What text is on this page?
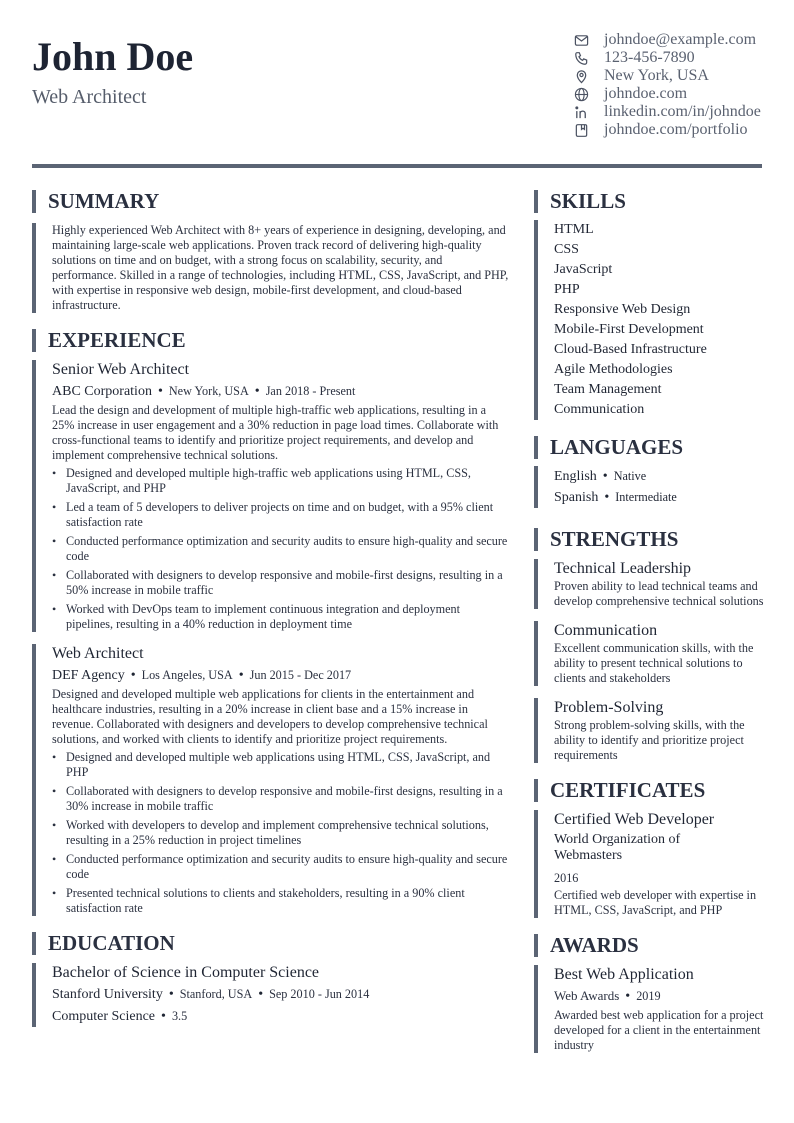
John Doe
Web Architect
johndoe@example.com
123-456-7890
New York, USA
johndoe.com
linkedin.com/in/johndoe
johndoe.com/portfolio
SUMMARY
Highly experienced Web Architect with 8+ years of experience in designing, developing, and maintaining large-scale web applications. Proven track record of delivering high-quality solutions on time and on budget, with a strong focus on scalability, security, and performance. Skilled in a range of technologies, including HTML, CSS, JavaScript, and PHP, with expertise in responsive web design, mobile-first development, and cloud-based infrastructure.
EXPERIENCE
Senior Web Architect
ABC Corporation • New York, USA • Jan 2018 - Present
Lead the design and development of multiple high-traffic web applications, resulting in a 25% increase in user engagement and a 30% reduction in page load times. Collaborate with cross-functional teams to identify and prioritize project requirements, and develop and implement comprehensive technical solutions.
• Designed and developed multiple high-traffic web applications using HTML, CSS, JavaScript, and PHP
• Led a team of 5 developers to deliver projects on time and on budget, with a 95% client satisfaction rate
• Conducted performance optimization and security audits to ensure high-quality and secure code
• Collaborated with designers to develop responsive and mobile-first designs, resulting in a 50% increase in mobile traffic
• Worked with DevOps team to implement continuous integration and deployment pipelines, resulting in a 40% reduction in deployment time
Web Architect
DEF Agency • Los Angeles, USA • Jun 2015 - Dec 2017
Designed and developed multiple web applications for clients in the entertainment and healthcare industries, resulting in a 20% increase in client base and a 15% increase in revenue. Collaborated with designers and developers to develop comprehensive technical solutions, and worked with clients to identify and prioritize project requirements.
• Designed and developed multiple web applications using HTML, CSS, JavaScript, and PHP
• Collaborated with designers to develop responsive and mobile-first designs, resulting in a 30% increase in mobile traffic
• Worked with developers to develop and implement comprehensive technical solutions, resulting in a 25% reduction in project timelines
• Conducted performance optimization and security audits to ensure high-quality and secure code
• Presented technical solutions to clients and stakeholders, resulting in a 90% client satisfaction rate
EDUCATION
Bachelor of Science in Computer Science
Stanford University • Stanford, USA • Sep 2010 - Jun 2014
Computer Science • 3.5
SKILLS
HTML
CSS
JavaScript
PHP
Responsive Web Design
Mobile-First Development
Cloud-Based Infrastructure
Agile Methodologies
Team Management
Communication
LANGUAGES
English • Native
Spanish • Intermediate
STRENGTHS
Technical Leadership
Proven ability to lead technical teams and develop comprehensive technical solutions
Communication
Excellent communication skills, with the ability to present technical solutions to clients and stakeholders
Problem-Solving
Strong problem-solving skills, with the ability to identify and prioritize project requirements
CERTIFICATES
Certified Web Developer
World Organization of Webmasters
2016
Certified web developer with expertise in HTML, CSS, JavaScript, and PHP
AWARDS
Best Web Application
Web Awards • 2019
Awarded best web application for a project developed for a client in the entertainment industry
